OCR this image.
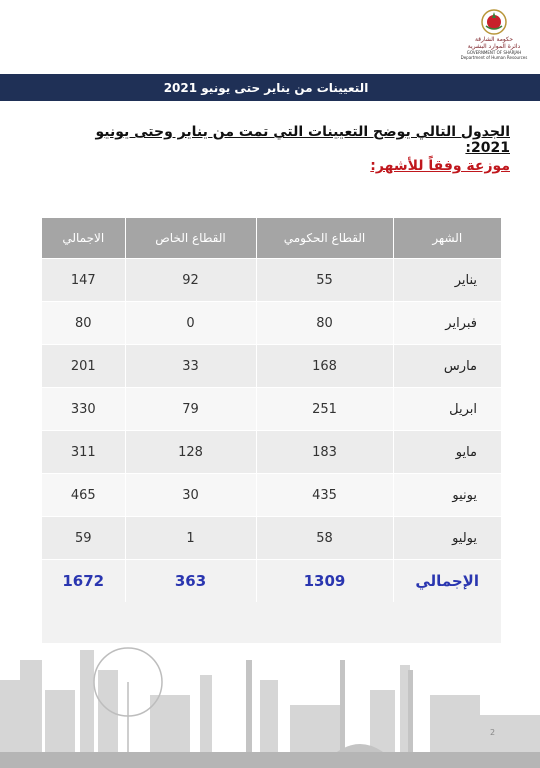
حكومة الشارقة
دائرة الموارد البشرية
GOVERNMENT OF SHARJAH
Department of Human Resources
التعيينات من يناير حتى يونيو 2021
الجدول التالي يوضح التعيينات التي تمت من يناير وحتى يونيو 2021:
موزعة وفقاً للأشهر:
الشهر	القطاع الحكومي	القطاع الخاص	الاجمالي
يناير	55	92	147
فبراير	80	0	80
مارس	168	33	201
ابريل	251	79	330
مايو	183	128	311
يونيو	435	30	465
يوليو	58	1	59
الإجمالي	1309	363	1672
2
